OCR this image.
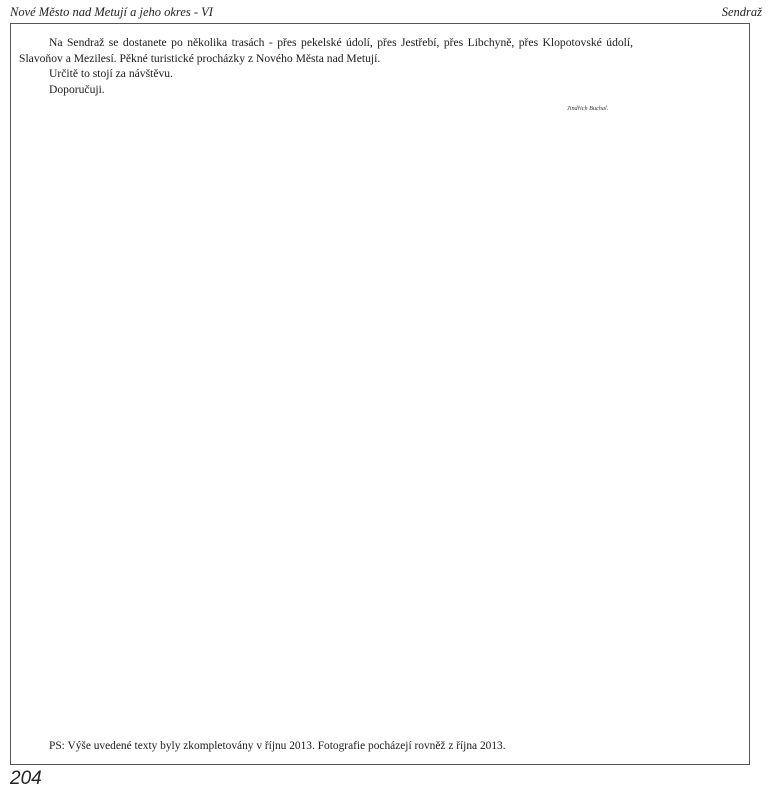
Nové Město nad Metují a jeho okres - VI	Sendraž

Na Sendraž se dostanete po několika trasách - přes pekelské údolí, přes Jestřebí, přes Libchyně, přes Klopotovské údolí, Slavoňov a Mezilesí. Pěkné turistické procházky z Nového Města nad Metují.

Určitě to stojí za návštěvu.

Doporučuji.

Jindřich Buchal.
PS: Výše uvedené texty byly zkompletovány v říjnu 2013. Fotografie pocházejí rovněž z října 2013.
204
